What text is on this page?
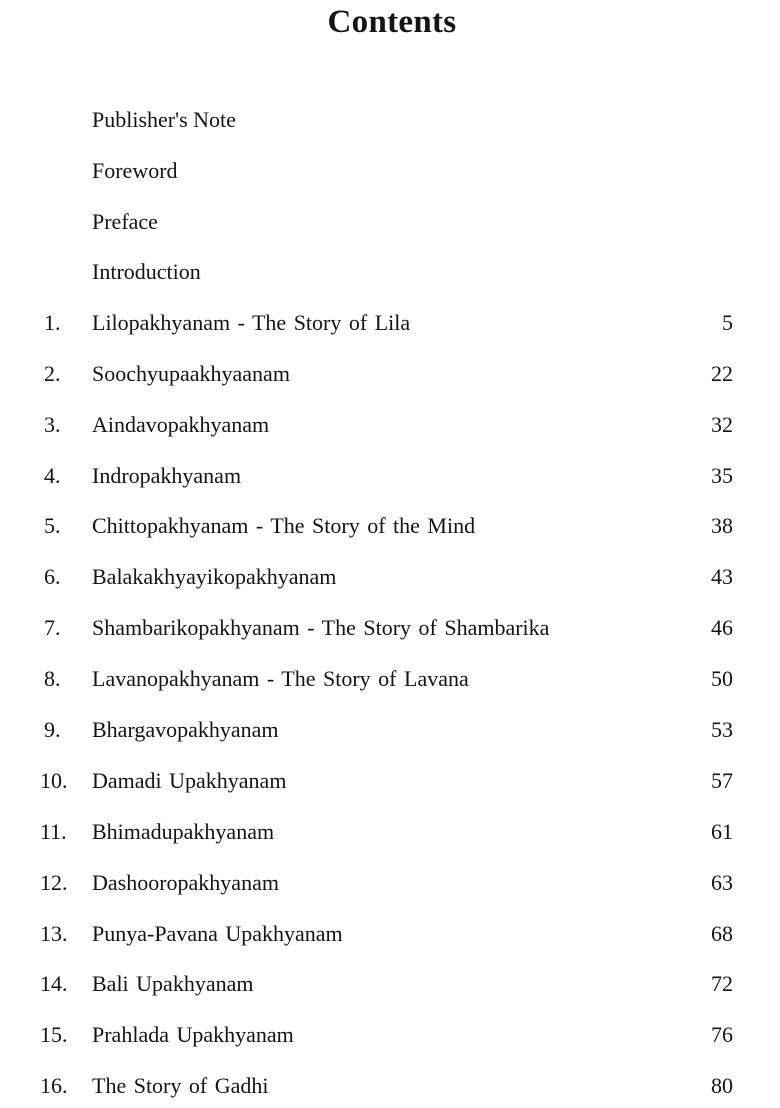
Contents
Publisher's Note
Foreword
Preface
Introduction
1. Lilopakhyanam - The Story of Lila	5
2. Soochyupaakhyaanam	22
3. Aindavopakhyanam	32
4. Indropakhyanam	35
5. Chittopakhyanam - The Story of the Mind	38
6. Balakakhyayikopakhyanam	43
7. Shambarikopakhyanam - The Story of Shambarika	46
8. Lavanopakhyanam - The Story of Lavana	50
9. Bhargavopakhyanam	53
10. Damadi Upakhyanam	57
11. Bhimadupakhyanam	61
12. Dashooropakhyanam	63
13. Punya-Pavana Upakhyanam	68
14. Bali Upakhyanam	72
15. Prahlada Upakhyanam	76
16. The Story of Gadhi	80
